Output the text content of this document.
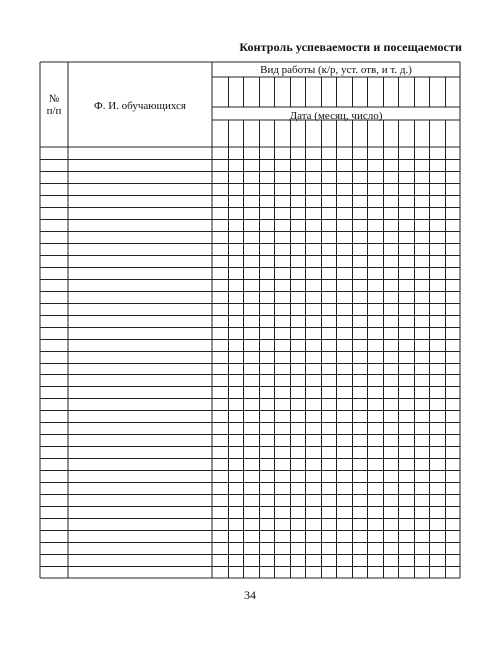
Контроль успеваемости и посещаемости
№
п/п	Ф. И. обучающихся
Вид работы (к/р, уст. отв, и т. д.)
Дата (месяц, число)
34
